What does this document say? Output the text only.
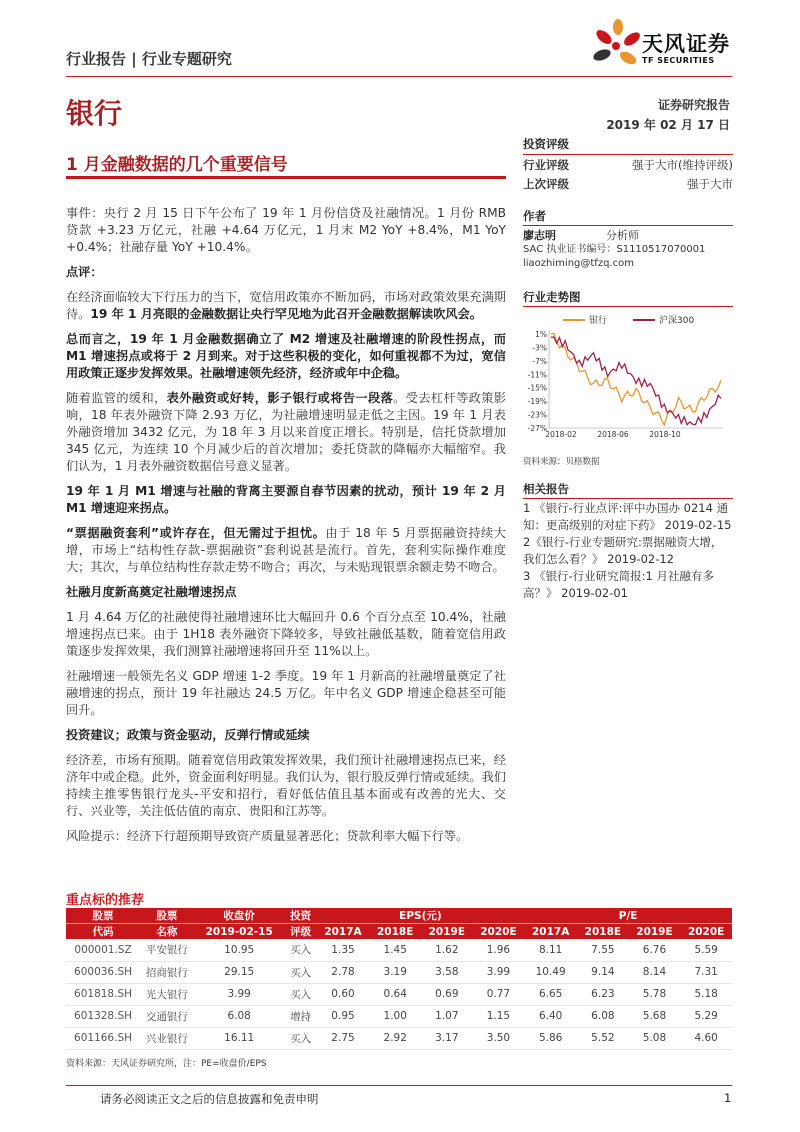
行业报告 | 行业专题研究
天风证券
TF SECURITIES
银行	证券研究报告
2019 年 02 月 17 日
1 月金融数据的几个重要信号
投资评级
行业评级	强于大市(维持评级)
上次评级	强于大市
作者
廖志明	分析师
SAC 执业证书编号：S1110517070001
liaozhiming@tfzq.com
行业走势图
银行	沪深300
1%
-3%
-7%
-11%
-15%
-19%
-23%
-27%
2018-02	2018-06	2018-10
资料来源：贝格数据
相关报告
1 《银行-行业点评:评中办国办 0214 通知：更高级别的对症下药》 2019-02-15
2《银行-行业专题研究:票据融资大增，我们怎么看？》 2019-02-12
3 《银行-行业研究简报:1 月社融有多高？》 2019-02-01

事件：央行 2 月 15 日下午公布了 19 年 1 月份信贷及社融情况。1 月份 RMB 贷款 +3.23 万亿元，社融 +4.64 万亿元，1 月末 M2 YoY +8.4%，M1 YoY +0.4%；社融存量 YoY +10.4%。

点评：

在经济面临较大下行压力的当下，宽信用政策亦不断加码，市场对政策效果充满期待。19 年 1 月亮眼的金融数据让央行罕见地为此召开金融数据解读吹风会。

总而言之，19 年 1 月金融数据确立了 M2 增速及社融增速的阶段性拐点，而 M1 增速拐点或将于 2 月到来。对于这些积极的变化，如何重视都不为过，宽信用政策正逐步发挥效果。社融增速领先经济，经济或年中企稳。

随着监管的缓和，表外融资或好转，影子银行或将告一段落。受去杠杆等政策影响，18 年表外融资下降 2.93 万亿，为社融增速明显走低之主因。19 年 1 月表外融资增加 3432 亿元，为 18 年 3 月以来首度正增长。特别是，信托贷款增加 345 亿元，为连续 10 个月减少后的首次增加；委托贷款的降幅亦大幅缩窄。我们认为，1 月表外融资数据信号意义显著。

19 年 1 月 M1 增速与社融的背离主要源自春节因素的扰动，预计 19 年 2 月 M1 增速迎来拐点。

“票据融资套利”或许存在，但无需过于担忧。由于 18 年 5 月票据融资持续大增，市场上“结构性存款-票据融资”套利说甚是流行。首先，套利实际操作难度大；其次，与单位结构性存款走势不吻合；再次，与未贴现银票余额走势不吻合。

社融月度新高奠定社融增速拐点

1 月 4.64 万亿的社融使得社融增速环比大幅回升 0.6 个百分点至 10.4%，社融增速拐点已来。由于 1H18 表外融资下降较多，导致社融低基数，随着宽信用政策逐步发挥效果，我们测算社融增速将回升至 11%以上。

社融增速一般领先名义 GDP 增速 1-2 季度。19 年 1 月新高的社融增量奠定了社融增速的拐点，预计 19 年社融达 24.5 万亿。年中名义 GDP 增速企稳甚至可能回升。

投资建议；政策与资金驱动，反弹行情或延续

经济差，市场有预期。随着宽信用政策发挥效果，我们预计社融增速拐点已来，经济年中或企稳。此外，资金面利好明显。我们认为，银行股反弹行情或延续。我们持续主推零售银行龙头-平安和招行，看好低估值且基本面或有改善的光大、交行、兴业等，关注低估值的南京、贵阳和江苏等。

风险提示：经济下行超预期导致资产质量显著恶化；贷款利率大幅下行等。

重点标的推荐
股票	股票	收盘价	投资	EPS(元)				P/E			
代码	名称	2019-02-15	评级	2017A	2018E	2019E	2020E	2017A	2018E	2019E	2020E
000001.SZ	平安银行	10.95	买入	1.35	1.45	1.62	1.96	8.11	7.55	6.76	5.59
600036.SH	招商银行	29.15	买入	2.78	3.19	3.58	3.99	10.49	9.14	8.14	7.31
601818.SH	光大银行	3.99	买入	0.60	0.64	0.69	0.77	6.65	6.23	5.78	5.18
601328.SH	交通银行	6.08	增持	0.95	1.00	1.07	1.15	6.40	6.08	5.68	5.29
601166.SH	兴业银行	16.11	买入	2.75	2.92	3.17	3.50	5.86	5.52	5.08	4.60
资料来源：天风证券研究所，注：PE=收盘价/EPS
请务必阅读正文之后的信息披露和免责申明	1
